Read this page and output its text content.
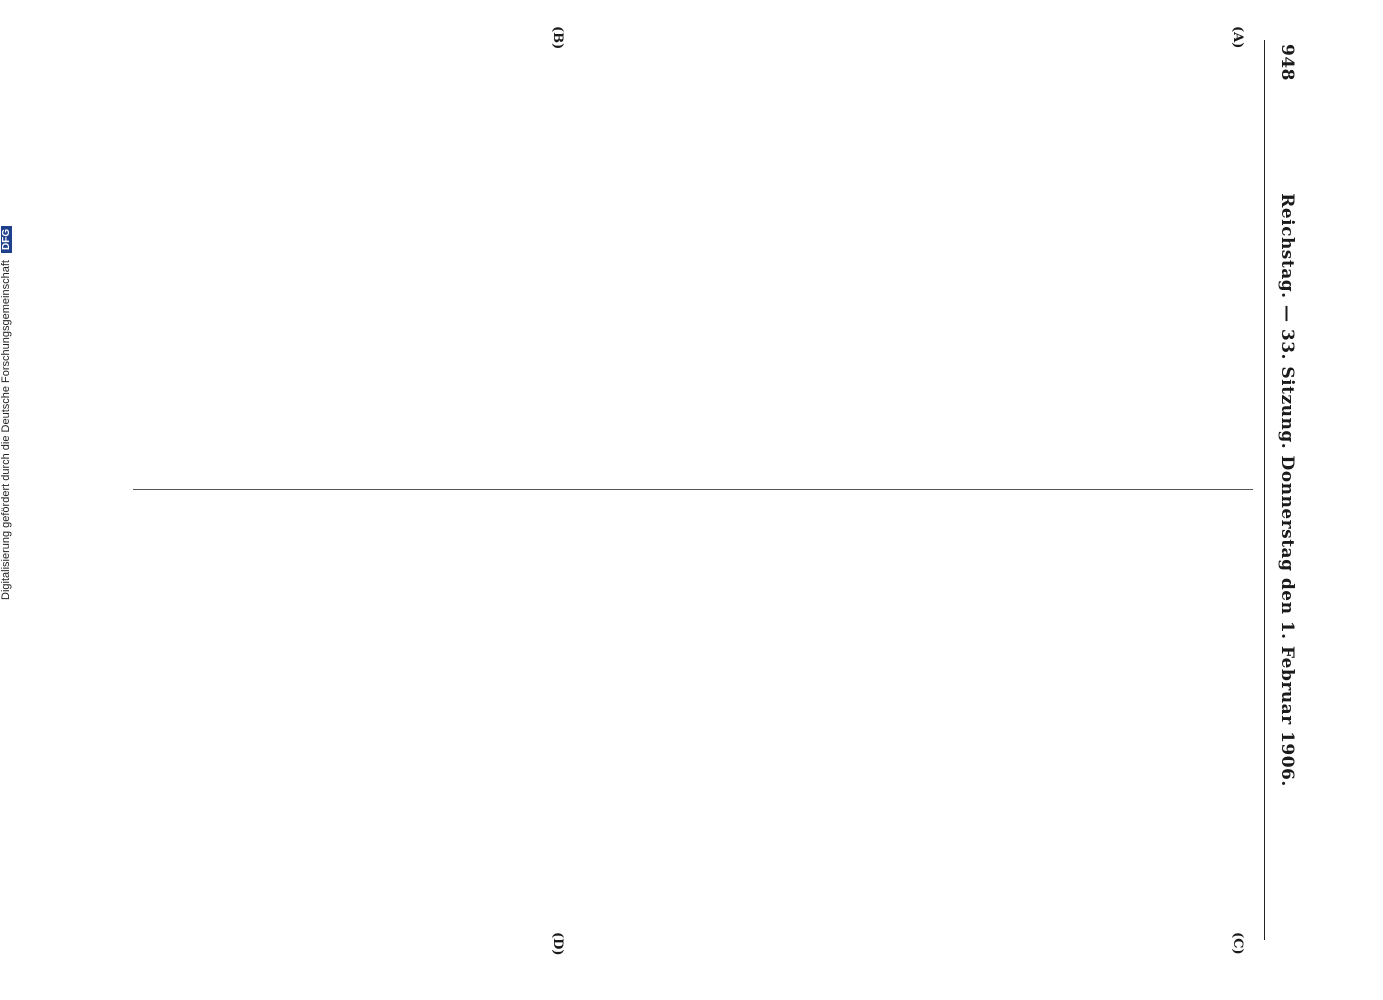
948
Reichstag. — 33. Sitzung. Donnerstag den 1. Februar 1906.
(A)
(B)
(C)
(D)

Digitalisierung gefördert durch die Deutsche Forschungsgemeinschaft DFG
